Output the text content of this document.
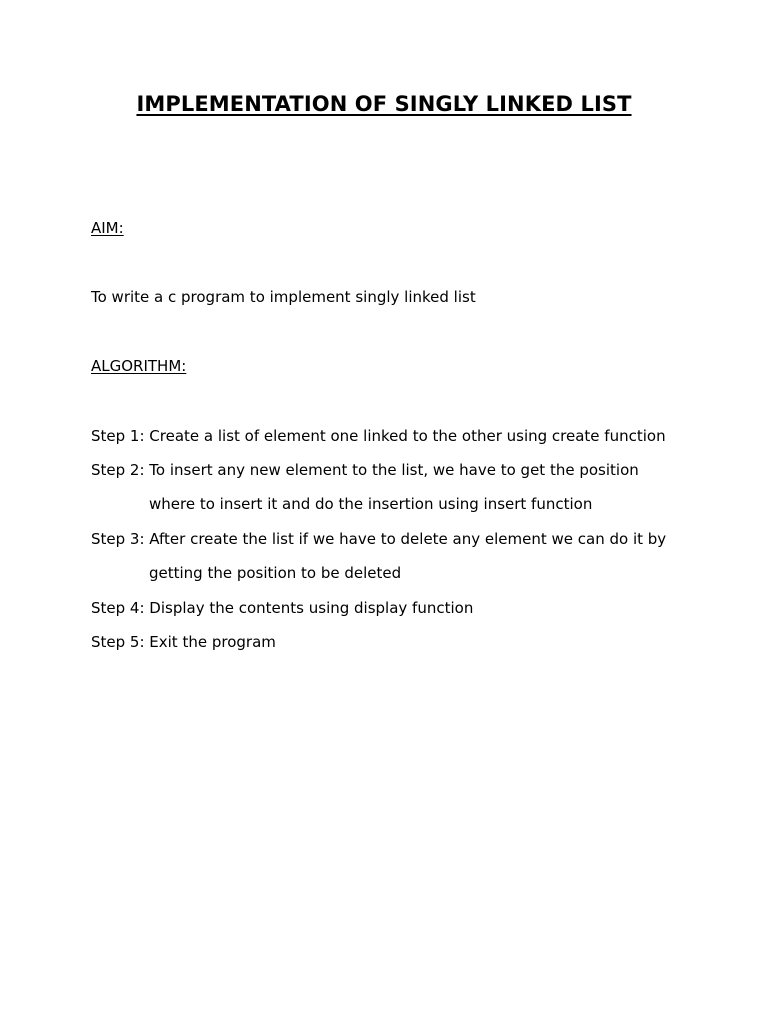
IMPLEMENTATION OF SINGLY LINKED LIST
AIM:
To write a c program to implement singly linked list
ALGORITHM:
Step 1: Create a list of element one linked to the other using create function
Step 2: To insert any new element to the list, we have to get the position
where to insert it and do the insertion using insert function
Step 3: After create the list if we have to delete any element we can do it by
getting the position to be deleted
Step 4: Display the contents using display function
Step 5: Exit the program
